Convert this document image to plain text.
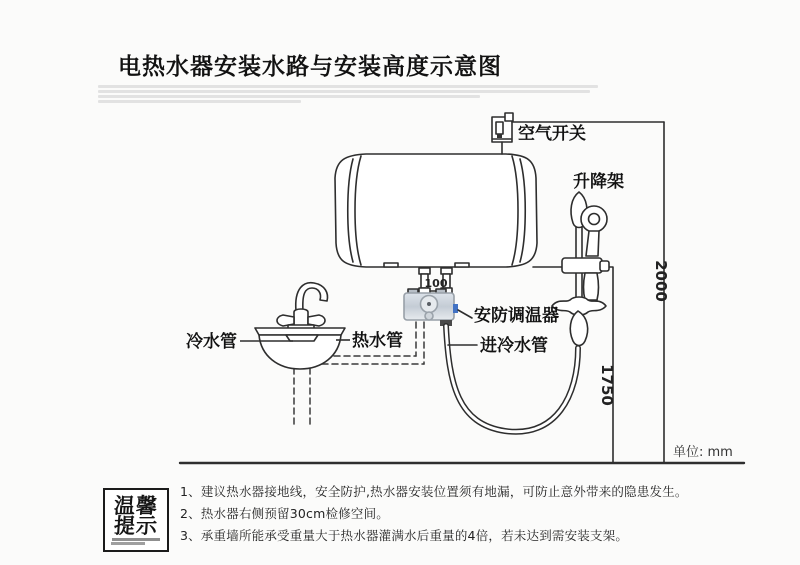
电热水器安装水路与安装高度示意图
空气开关
升降架
安防调温器
冷水管	热水管	进冷水管
2000
1750
100
单位: mm
温馨
提示
1、建议热水器接地线，安全防护,热水器安装位置须有地漏，可防止意外带来的隐患发生。
2、热水器右侧预留30cm检修空间。
3、承重墙所能承受重量大于热水器灌满水后重量的4倍，若未达到需安装支架。
